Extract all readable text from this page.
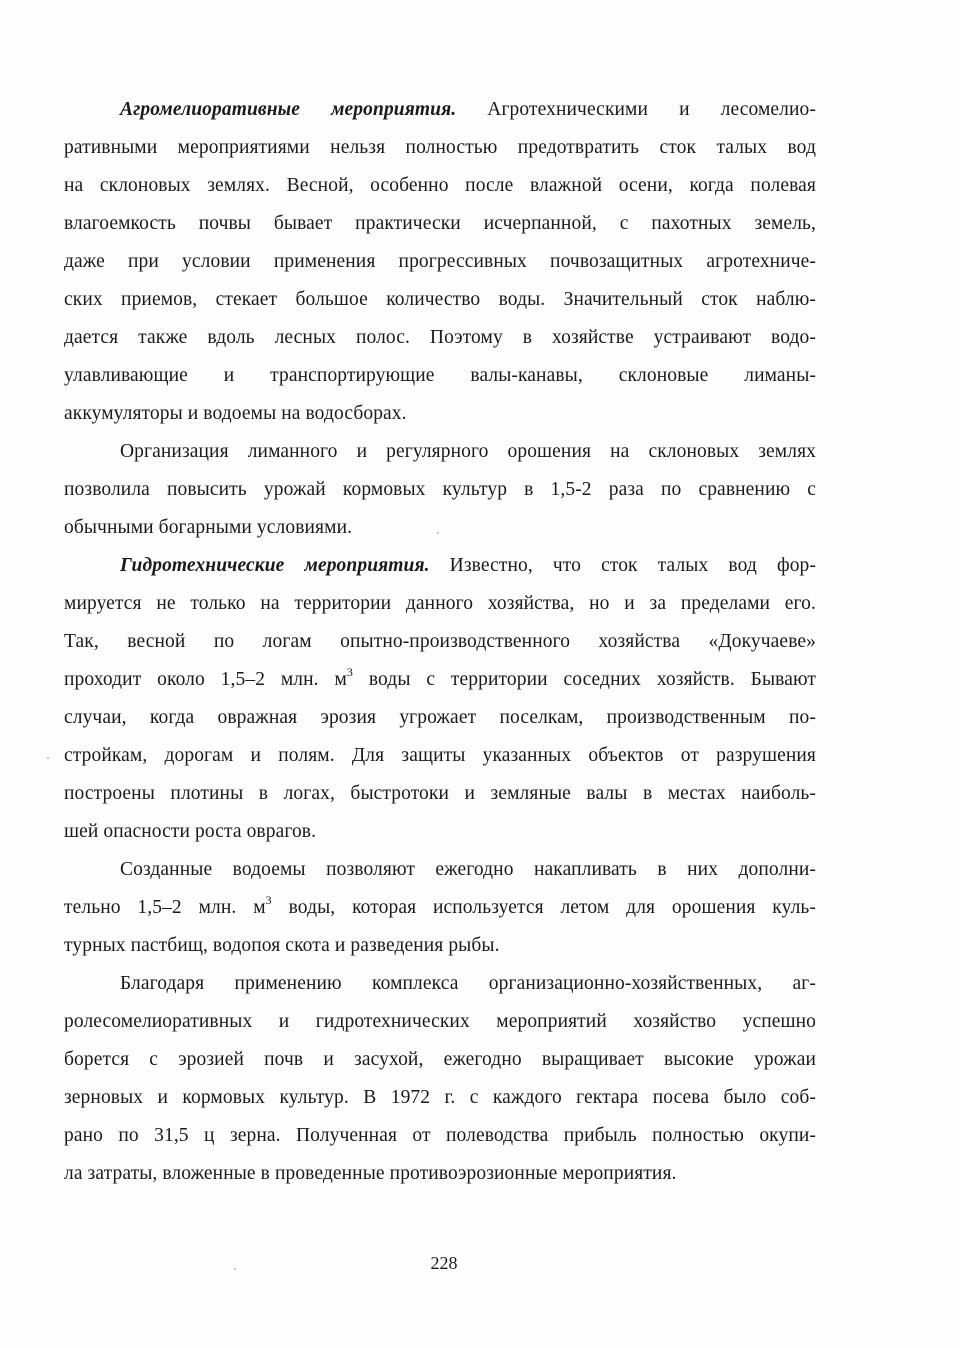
Агромелиоративные мероприятия. Агротехническими и лесомелио-
ративными мероприятиями нельзя полностью предотвратить сток талых вод
на склоновых землях. Весной, особенно после влажной осени, когда полевая
влагоемкость почвы бывает практически исчерпанной, с пахотных земель,
даже при условии применения прогрессивных почвозащитных агротехниче-
ских приемов, стекает большое количество воды. Значительный сток наблю-
дается также вдоль лесных полос. Поэтому в хозяйстве устраивают водо-
улавливающие и транспортирующие валы-канавы, склоновые лиманы-
аккумуляторы и водоемы на водосборах.
Организация лиманного и регулярного орошения на склоновых землях
позволила повысить урожай кормовых культур в 1,5-2 раза по сравнению с
обычными богарными условиями.
Гидротехнические мероприятия. Известно, что сток талых вод фор-
мируется не только на территории данного хозяйства, но и за пределами его.
Так, весной по логам опытно-производственного хозяйства «Докучаеве»
проходит около 1,5–2 млн. $м^3$ воды с территории соседних хозяйств. Бывают
случаи, когда овражная эрозия угрожает поселкам, производственным по-
стройкам, дорогам и полям. Для защиты указанных объектов от разрушения
построены плотины в логах, быстротоки и земляные валы в местах наиболь-
шей опасности роста оврагов.
Созданные водоемы позволяют ежегодно накапливать в них дополни-
тельно 1,5–2 млн. $м^3$ воды, которая используется летом для орошения куль-
турных пастбищ, водопоя скота и разведения рыбы.
Благодаря применению комплекса организационно-хозяйственных, аг-
ролесомелиоративных и гидротехнических мероприятий хозяйство успешно
борется с эрозией почв и засухой, ежегодно выращивает высокие урожаи
зерновых и кормовых культур. В 1972 г. с каждого гектара посева было соб-
рано по 31,5 ц зерна. Полученная от полеводства прибыль полностью окупи-
ла затраты, вложенные в проведенные противоэрозионные мероприятия.
228
